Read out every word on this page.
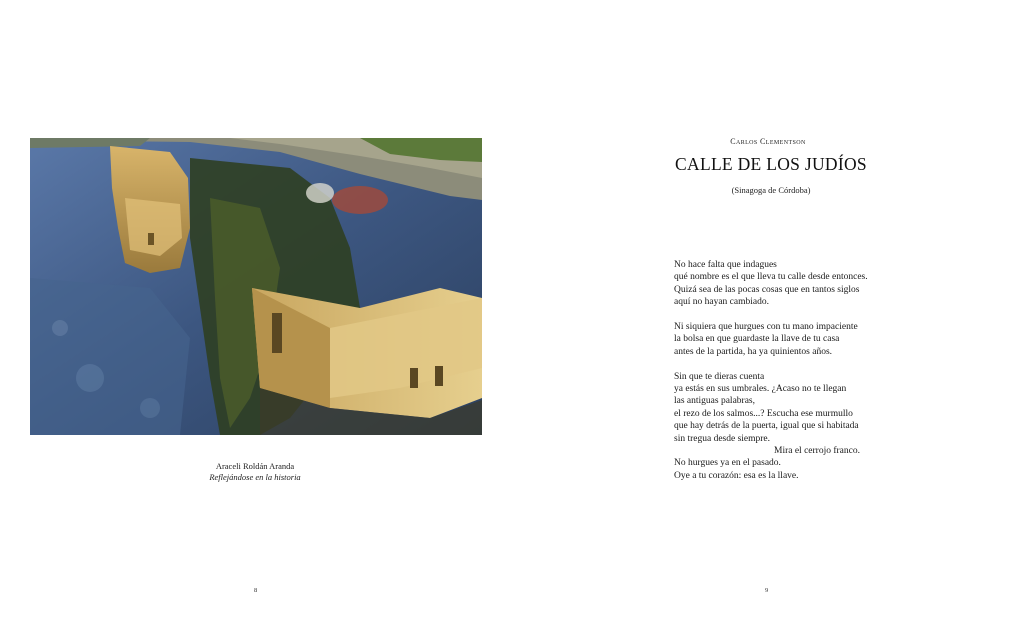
Araceli Roldán Aranda
Reflejándose en la historia
8
Carlos Clementson
CALLE DE LOS JUDÍOS
(Sinagoga de Córdoba)
No hace falta que indagues
qué nombre es el que lleva tu calle desde entonces.
Quizá sea de las pocas cosas que en tantos siglos
aquí no hayan cambiado.
Ni siquiera que hurgues con tu mano impaciente
la bolsa en que guardaste la llave de tu casa
antes de la partida, ha ya quinientos años.
Sin que te dieras cuenta
ya estás en sus umbrales. ¿Acaso no te llegan
las antiguas palabras,
el rezo de los salmos...? Escucha ese murmullo
que hay detrás de la puerta, igual que si habitada
sin tregua desde siempre.
Mira el cerrojo franco.
No hurgues ya en el pasado.
Oye a tu corazón: esa es la llave.
9
